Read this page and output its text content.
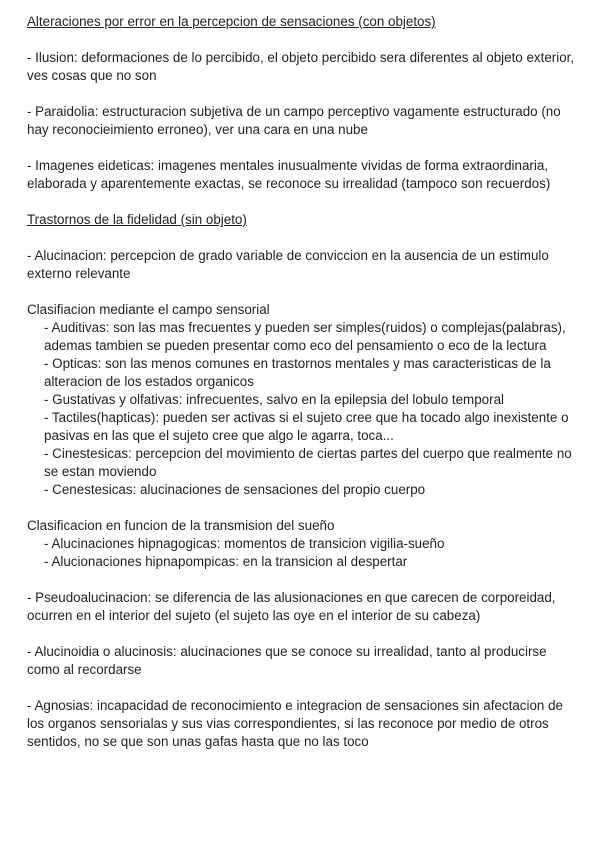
Alteraciones por error en la percepcion de sensaciones (con objetos)

- Ilusion: deformaciones de lo percibido, el objeto percibido sera diferentes al objeto exterior, ves cosas que no son

- Paraidolia: estructuracion subjetiva de un campo perceptivo vagamente estructurado (no hay reconocieimiento erroneo), ver una cara en una nube

- Imagenes eideticas: imagenes mentales inusualmente vividas de forma extraordinaria, elaborada y aparentemente exactas, se reconoce su irrealidad (tampoco son recuerdos)

Trastornos de la fidelidad (sin objeto)

- Alucinacion: percepcion de grado variable de conviccion en la ausencia de un estimulo externo relevante

Clasifiacion mediante el campo sensorial

- Auditivas: son las mas frecuentes y pueden ser simples(ruidos) o complejas(palabras), ademas tambien se pueden presentar como eco del pensamiento o eco de la lectura

- Opticas: son las menos comunes en trastornos mentales y mas caracteristicas de la alteracion de los estados organicos

- Gustativas y olfativas: infrecuentes, salvo en la epilepsia del lobulo temporal

- Tactiles(hapticas): pueden ser activas si el sujeto cree que ha tocado algo inexistente o pasivas en las que el sujeto cree que algo le agarra, toca...

- Cinestesicas: percepcion del movimiento de ciertas partes del cuerpo que realmente no se estan moviendo

- Cenestesicas: alucinaciones de sensaciones del propio cuerpo

Clasificacion en funcion de la transmision del sueño

- Alucinaciones hipnagogicas: momentos de transicion vigilia-sueño

- Alucionaciones hipnapompicas: en la transicion al despertar

- Pseudoalucinacion: se diferencia de las alusionaciones en que carecen de corporeidad, ocurren en el interior del sujeto (el sujeto las oye en el interior de su cabeza)

- Alucinoidia o alucinosis: alucinaciones que se conoce su irrealidad, tanto al producirse como al recordarse

- Agnosias: incapacidad de reconocimiento e integracion de sensaciones sin afectacion de los organos sensorialas y sus vias correspondientes, si las reconoce por medio de otros sentidos, no se que son unas gafas hasta que no las toco
